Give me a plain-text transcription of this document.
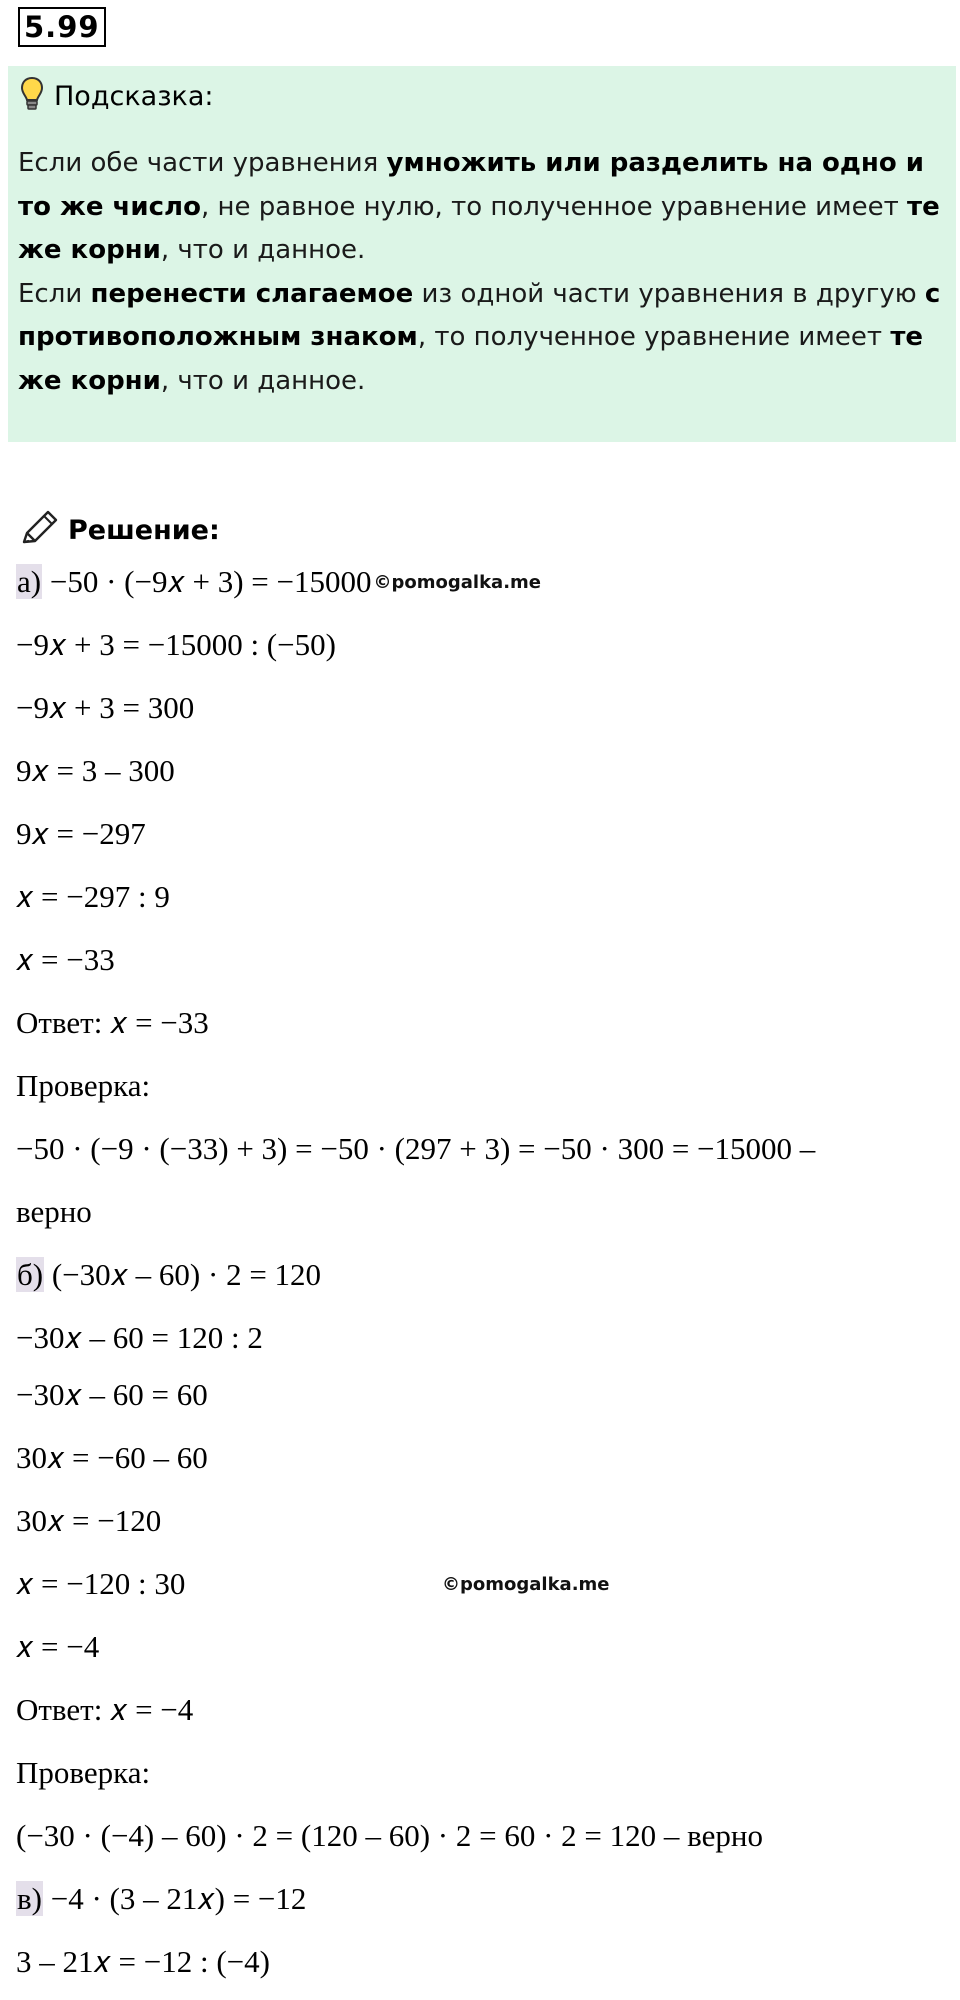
5.99
Подсказка:
Если обе части уравнения умножить или разделить на одно и то же число, не равное нулю, то полученное уравнение имеет те же корни, что и данное.
Если перенести слагаемое из одной части уравнения в другую с противоположным знаком, то полученное уравнение имеет те же корни, что и данное.
Решение:
а) −50 · (−9𝑥 + 3) = −15000 ©pomogalka.me
−9𝑥 + 3 = −15000 : (−50)
−9𝑥 + 3 = 300
9𝑥 = 3 – 300
9𝑥 = −297
𝑥 = −297 : 9
𝑥 = −33
Ответ: 𝑥 = −33
Проверка:
−50 · (−9 · (−33) + 3) = −50 · (297 + 3) = −50 · 300 = −15000 –
верно
б) (−30𝑥 – 60) · 2 = 120
−30𝑥 – 60 = 120 : 2
−30𝑥 – 60 = 60
30𝑥 = −60 – 60
30𝑥 = −120
𝑥 = −120 : 30
𝑥 = −4
Ответ: 𝑥 = −4
Проверка:
(−30 · (−4) – 60) · 2 = (120 – 60) · 2 = 60 · 2 = 120 – верно
в) −4 · (3 – 21𝑥) = −12
3 – 21𝑥 = −12 : (−4)
©pomogalka.me
